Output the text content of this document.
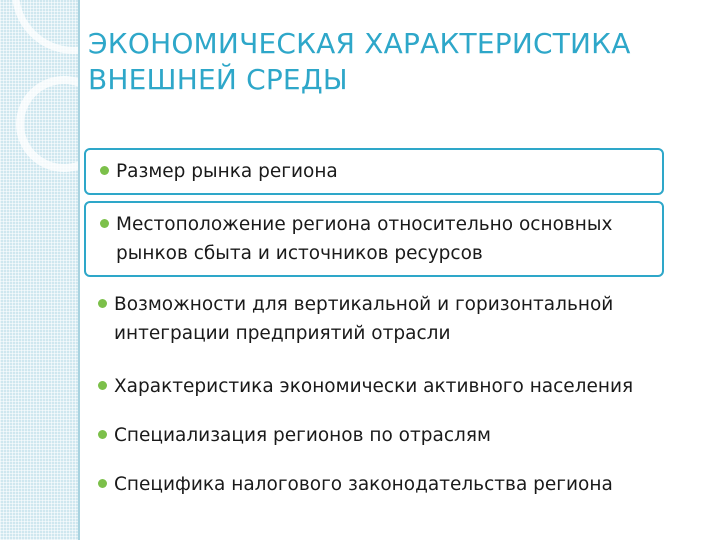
ЭКОНОМИЧЕСКАЯ ХАРАКТЕРИСТИКА
ВНЕШНЕЙ СРЕДЫ
Размер рынка региона
Местоположение региона относительно основных рынков сбыта и источников ресурсов
Возможности для вертикальной и горизонтальной интеграции предприятий отрасли
Характеристика экономически активного населения
Специализация регионов по отраслям
Специфика налогового законодательства региона
